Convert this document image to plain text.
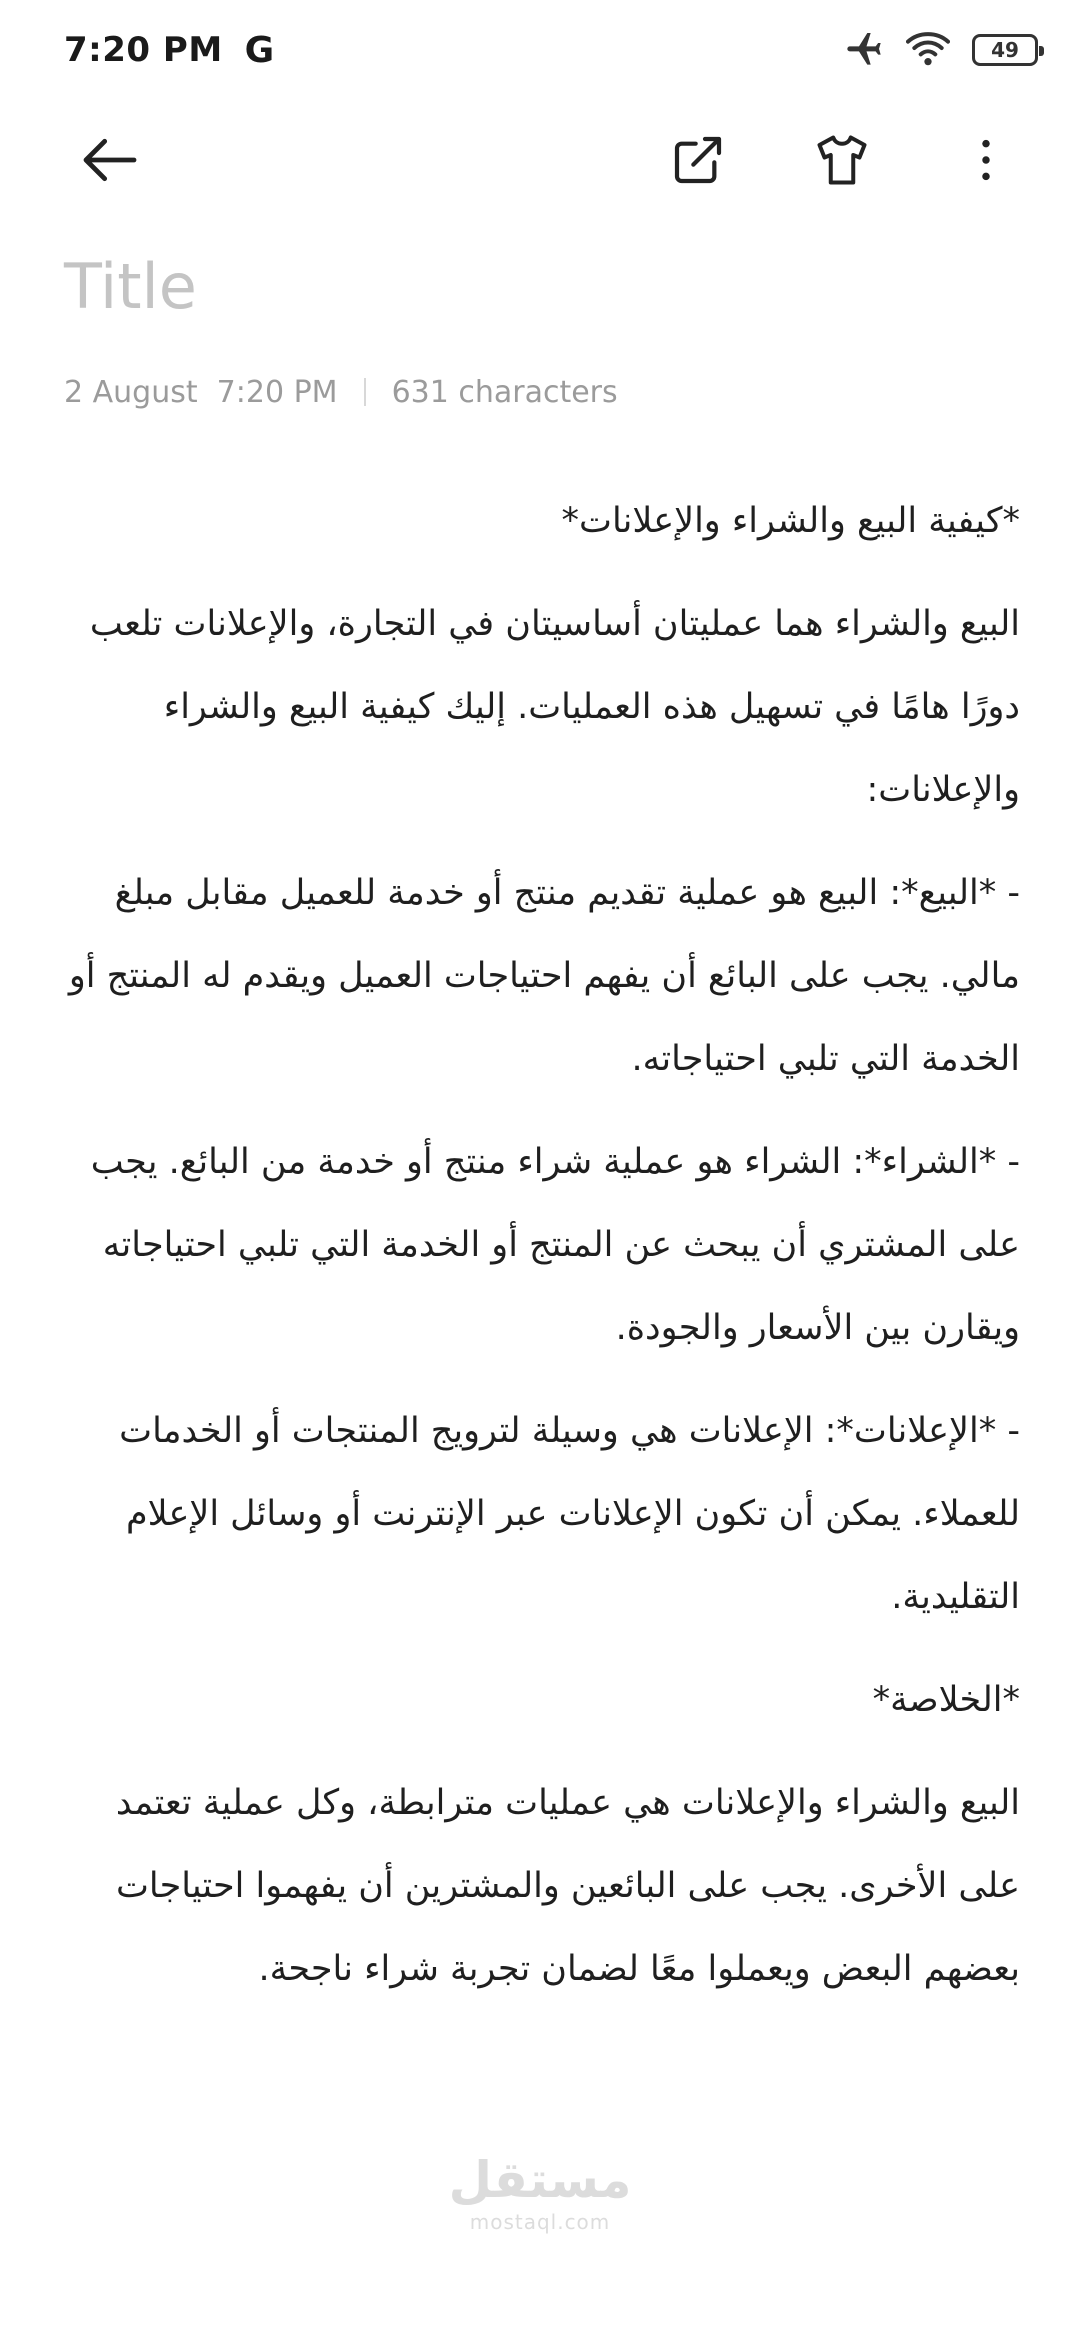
7:20 PM G	49
Title
2 August  7:20 PM 631 characters

*كيفية البيع والشراء والإعلانات*

البيع والشراء هما عمليتان أساسيتان في التجارة، والإعلانات تلعب دورًا هامًا في تسهيل هذه العمليات. إليك كيفية البيع والشراء والإعلانات:

- *البيع*: البيع هو عملية تقديم منتج أو خدمة للعميل مقابل مبلغ مالي. يجب على البائع أن يفهم احتياجات العميل ويقدم له المنتج أو الخدمة التي تلبي احتياجاته.

- *الشراء*: الشراء هو عملية شراء منتج أو خدمة من البائع. يجب على المشتري أن يبحث عن المنتج أو الخدمة التي تلبي احتياجاته ويقارن بين الأسعار والجودة.

- *الإعلانات*: الإعلانات هي وسيلة لترويج المنتجات أو الخدمات للعملاء. يمكن أن تكون الإعلانات عبر الإنترنت أو وسائل الإعلام التقليدية.

*الخلاصة*

البيع والشراء والإعلانات هي عمليات مترابطة، وكل عملية تعتمد على الأخرى. يجب على البائعين والمشترين أن يفهموا احتياجات بعضهم البعض ويعملوا معًا لضمان تجربة شراء ناجحة.

مستقل
mostaql.com
